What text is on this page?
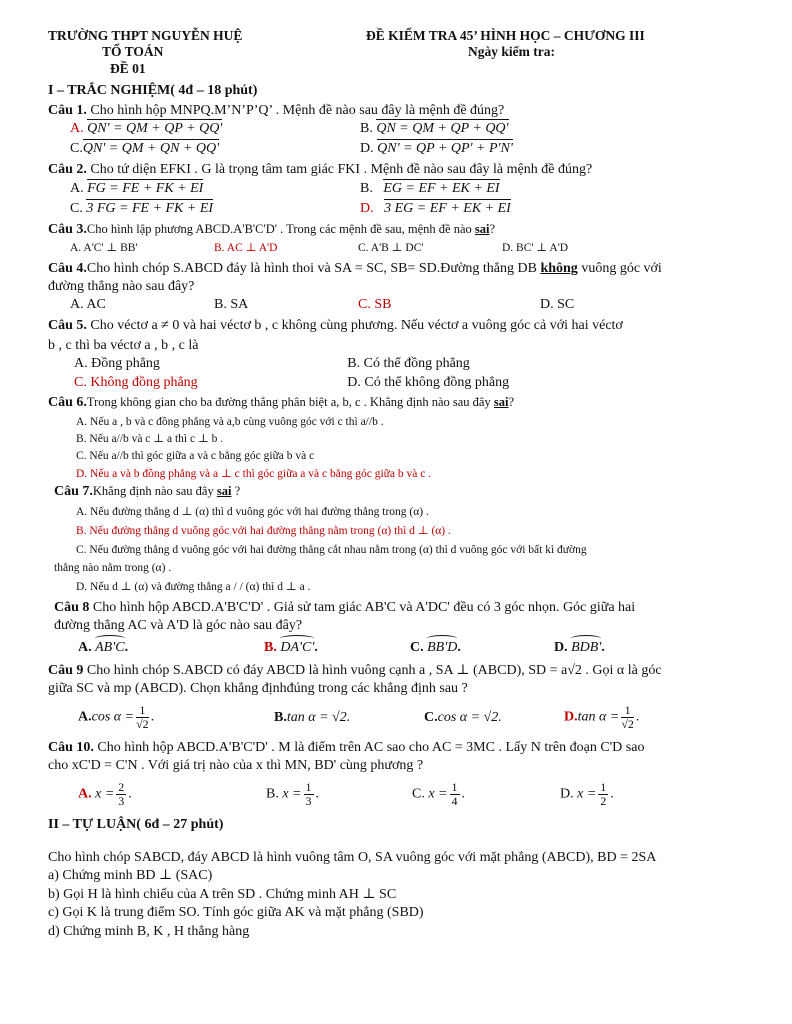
TRƯỜNG THPT NGUYỄN HUỆ
TỔ TOÁN
ĐỀ 01
ĐỀ KIỂM TRA 45’ HÌNH HỌC – CHƯƠNG III
Ngày kiểm tra:
I – TRẮC NGHIỆM( 4đ – 18 phút)
Câu 1. Cho hình hộp MNPQ.M’N’P’Q’ . Mệnh đề nào sau đây là mệnh đề đúng?
A. QN' = QM + QP + QQ'	B. QN = QM + QP + QQ'
C.QN' = QM + QN + QQ'	D. QN' = QP + QP' + P'N'
Câu 2. Cho tứ diện EFKI . G là trọng tâm tam giác FKI . Mệnh đề nào sau đây là mệnh đề đúng?
A. FG = FE + FK + EI	B. EG = EF + EK + EI
C. 3 FG = FE + FK + EI	D. 3 EG = EF + EK + EI
Câu 3.Cho hình lập phương ABCD.A'B'C'D' . Trong các mệnh đề sau, mệnh đề nào sai?
A. A'C' ⊥ BB'	B. AC ⊥ A'D	C. A'B ⊥ DC'	D. BC' ⊥ A'D
Câu 4.Cho hình chóp S.ABCD đáy là hình thoi và SA = SC, SB= SD.Đường thẳng DB không vuông góc với
đường thẳng nào sau đây?
A. AC	B. SA	C. SB	D. SC
Câu 5. Cho véctơ a ≠ 0 và hai véctơ b , c không cùng phương. Nếu véctơ a vuông góc cả với hai véctơ
b , c thì ba véctơ a , b , c là
A. Đồng phẳng	B. Có thể đồng phẳng
C. Không đồng phẳng	D. Có thể không đồng phẳng
Câu 6.Trong không gian cho ba đường thẳng phân biệt a, b, c . Khẳng định nào sau đây sai?
A. Nếu a , b và c đồng phẳng và a,b cùng vuông góc với c thì a//b .
B. Nếu a//b và c ⊥ a thì c ⊥ b .
C. Nếu a//b thì góc giữa a và c bằng góc giữa b và c
D. Nếu a và b đồng phẳng và a ⊥ c thì góc giữa a và c bằng góc giữa b và c .
Câu 7.Khẳng định nào sau đây sai ?
A. Nếu đường thẳng d ⊥ (α) thì d vuông góc với hai đường thẳng trong (α) .
B. Nếu đường thẳng d vuông góc với hai đường thẳng nằm trong (α) thì d ⊥ (α) .
C. Nếu đường thẳng d vuông góc với hai đường thẳng cắt nhau nằm trong (α) thì d vuông góc với bất kì đường
thẳng nào nằm trong (α) .
D. Nếu d ⊥ (α) và đường thẳng a / / (α) thì d ⊥ a .
Câu 8 Cho hình hộp ABCD.A'B'C'D' . Giả sử tam giác AB'C và A'DC' đều có 3 góc nhọn. Góc giữa hai
đường thẳng AC và A'D là góc nào sau đây?
A. AB'C.	B. DA'C'.	C. BB'D.	D. BDB'.
Câu 9 Cho hình chóp S.ABCD có đáy ABCD là hình vuông cạnh a , SA ⊥ (ABCD), SD = a√2 . Gọi α là góc
giữa SC và mp (ABCD). Chọn khẳng địnhđúng trong các khẳng định sau ?
A.cos $\alpha = \frac{1}{√2}$ .	B.tan α = √2.	C.cos α = √2.	D.tan $\alpha = \frac{1}{√2}$ .
Câu 10. Cho hình hộp ABCD.A'B'C'D' . M là điểm trên AC sao cho AC = 3MC . Lấy N trên đoạn C'D sao
cho xC'D = C'N . Với giá trị nào của x thì MN, BD' cùng phương ?
A. $x = \frac{2}{3}$ .	B. $x = \frac{1}{3}$ .	C. $x = \frac{1}{4}$ .	D. $x = \frac{1}{2}$ .
II – TỰ LUẬN( 6đ – 27 phút)
Cho hình chóp SABCD, đáy ABCD là hình vuông tâm O, SA vuông góc với mặt phẳng (ABCD), BD = 2SA
a) Chứng minh BD ⊥ (SAC)
b) Gọi H là hình chiếu của A trên SD . Chứng minh AH ⊥ SC
c) Gọi K là trung điểm SO. Tính góc giữa AK và mặt phẳng (SBD)
d) Chứng minh B, K , H thẳng hàng
